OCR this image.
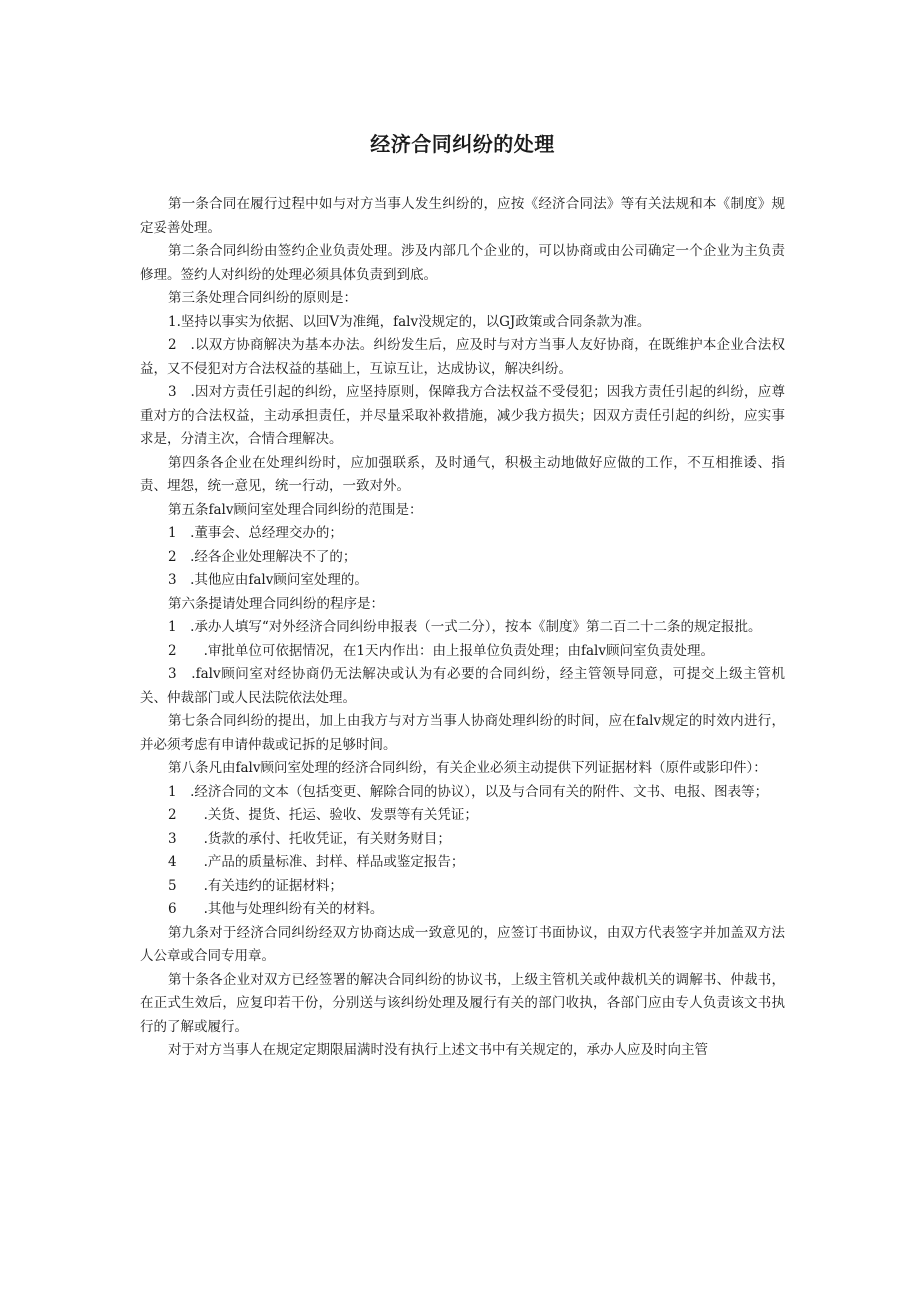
经济合同纠纷的处理

第一条合同在履行过程中如与对方当事人发生纠纷的，应按《经济合同法》等有关法规和本《制度》规定妥善处理。

第二条合同纠纷由签约企业负责处理。涉及内部几个企业的，可以协商或由公司确定一个企业为主负责修理。签约人对纠纷的处理必须具体负责到到底。

第三条处理合同纠纷的原则是：

1.坚持以事实为依据、以回V为准绳，falv没规定的，以GJ政策或合同条款为准。

2　.以双方协商解决为基本办法。纠纷发生后，应及时与对方当事人友好协商，在既维护本企业合法权益，又不侵犯对方合法权益的基础上，互谅互让，达成协议，解决纠纷。

3　.因对方责任引起的纠纷，应坚持原则，保障我方合法权益不受侵犯；因我方责任引起的纠纷，应尊重对方的合法权益，主动承担责任，并尽量采取补救措施，减少我方损失；因双方责任引起的纠纷，应实事求是，分清主次，合情合理解决。

第四条各企业在处理纠纷时，应加强联系，及时通气，积极主动地做好应做的工作，不互相推诿、指责、埋怨，统一意见，统一行动，一致对外。

第五条falv顾问室处理合同纠纷的范围是：

1　.董事会、总经理交办的；

2　.经各企业处理解决不了的；

3　.其他应由falv顾问室处理的。

第六条提请处理合同纠纷的程序是：

1　.承办人填写“对外经济合同纠纷申报表（一式二分），按本《制度》第二百二十二条的规定报批。

2　　.审批单位可依据情况，在1天内作出：由上报单位负责处理；由falv顾问室负责处理。

3　.falv顾问室对经协商仍无法解决或认为有必要的合同纠纷，经主管领导同意，可提交上级主管机关、仲裁部门或人民法院依法处理。

第七条合同纠纷的提出，加上由我方与对方当事人协商处理纠纷的时间，应在falv规定的时效内进行，并必须考虑有申请仲裁或记拆的足够时间。

第八条凡由falv顾问室处理的经济合同纠纷，有关企业必须主动提供下列证据材料（原件或影印件）：

1　.经济合同的文本（包括变更、解除合同的协议），以及与合同有关的附件、文书、电报、图表等；

2　　.关货、提货、托运、验收、发票等有关凭证；

3　　.货款的承付、托收凭证，有关财务财目；

4　　.产品的质量标准、封样、样品或鉴定报告；

5　　.有关违约的证据材料；

6　　.其他与处理纠纷有关的材料。

第九条对于经济合同纠纷经双方协商达成一致意见的，应签订书面协议，由双方代表签字并加盖双方法人公章或合同专用章。

第十条各企业对双方已经签署的解决合同纠纷的协议书，上级主管机关或仲裁机关的调解书、仲裁书，在正式生效后，应复印若干份，分别送与该纠纷处理及履行有关的部门收执，各部门应由专人负责该文书执行的了解或履行。

对于对方当事人在规定定期限届满时没有执行上述文书中有关规定的，承办人应及时向主管
